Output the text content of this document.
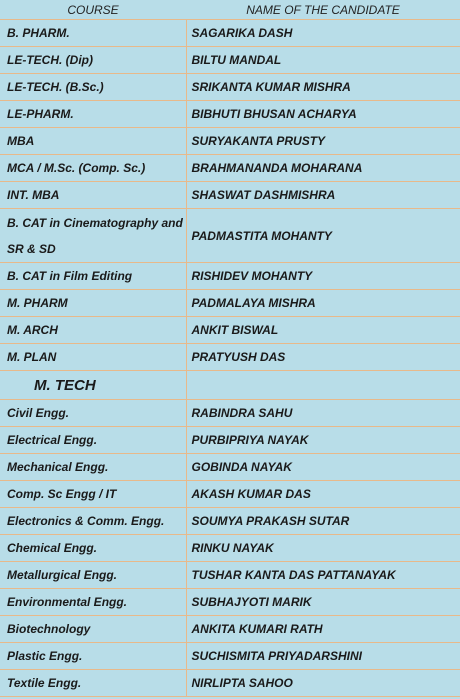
COURSE	NAME OF THE CANDIDATE
B. PHARM.	SAGARIKA DASH
LE-TECH. (Dip)	BILTU MANDAL
LE-TECH. (B.Sc.)	SRIKANTA KUMAR MISHRA
LE-PHARM.	BIBHUTI BHUSAN ACHARYA
MBA	SURYAKANTA PRUSTY
MCA / M.Sc. (Comp. Sc.)	BRAHMANANDA MOHARANA
INT. MBA	SHASWAT DASHMISHRA
B. CAT in Cinematography and SR & SD	PADMASTITA MOHANTY
B. CAT in Film Editing	RISHIDEV MOHANTY
M. PHARM	PADMALAYA MISHRA
M. ARCH	ANKIT BISWAL
M. PLAN	PRATYUSH DAS
M. TECH	
Civil Engg.	RABINDRA SAHU
Electrical Engg.	PURBIPRIYA NAYAK
Mechanical Engg.	GOBINDA NAYAK
Comp. Sc Engg / IT	AKASH KUMAR DAS
Electronics & Comm. Engg.	SOUMYA PRAKASH SUTAR
Chemical Engg.	RINKU NAYAK
Metallurgical Engg.	TUSHAR KANTA DAS PATTANAYAK
Environmental Engg.	SUBHAJYOTI MARIK
Biotechnology	ANKITA KUMARI RATH
Plastic Engg.	SUCHISMITA PRIYADARSHINI
Textile Engg.	NIRLIPTA SAHOO
